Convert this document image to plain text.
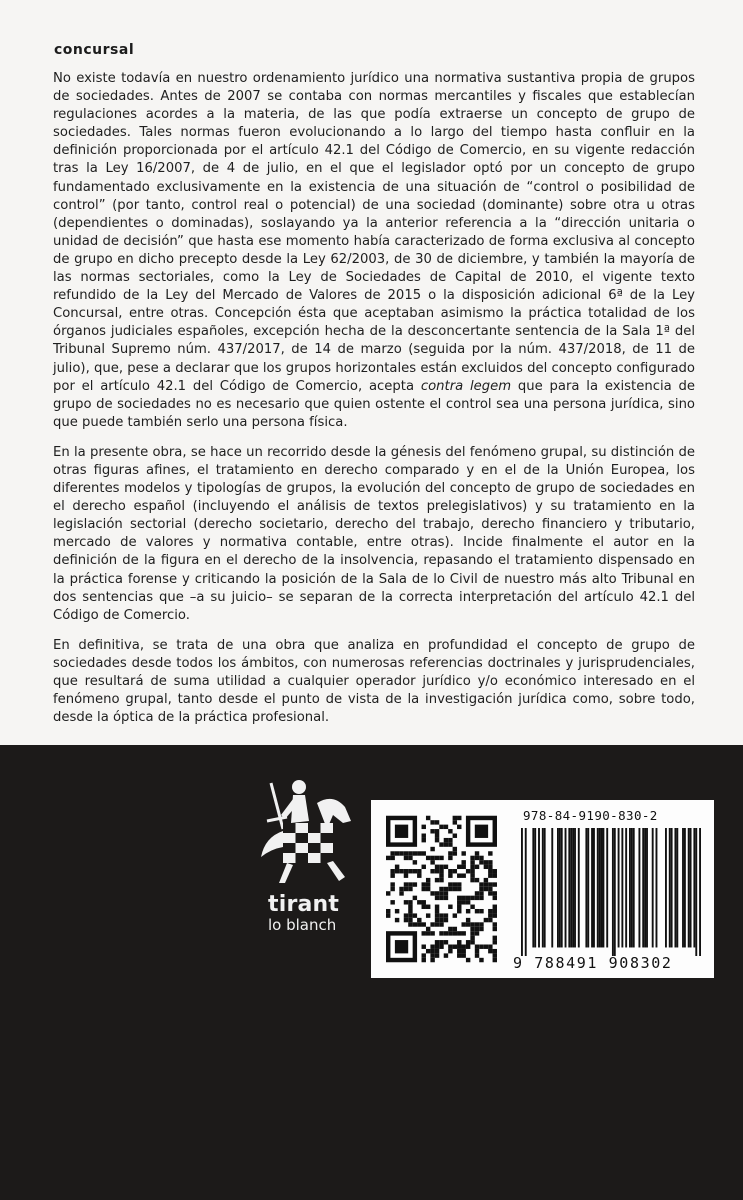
concursal

No existe todavía en nuestro ordenamiento jurídico una normativa sustantiva propia de grupos de sociedades. Antes de 2007 se contaba con normas mercantiles y fiscales que establecían regulaciones acordes a la materia, de las que podía extraerse un concepto de grupo de sociedades. Tales normas fueron evolucionando a lo largo del tiempo hasta confluir en la definición proporcionada por el artículo 42.1 del Código de Comercio, en su vigente redacción tras la Ley 16/2007, de 4 de julio, en el que el legislador optó por un concepto de grupo fundamentado exclusivamente en la existencia de una situación de “control o posibilidad de control” (por tanto, control real o potencial) de una sociedad (dominante) sobre otra u otras (dependientes o dominadas), soslayando ya la anterior referencia a la “dirección unitaria o unidad de decisión” que hasta ese momento había caracterizado de forma exclusiva al concepto de grupo en dicho precepto desde la Ley 62/2003, de 30 de diciembre, y también la mayoría de las normas sectoriales, como la Ley de Sociedades de Capital de 2010, el vigente texto refundido de la Ley del Mercado de Valores de 2015 o la disposición adicional 6ª de la Ley Concursal, entre otras. Concepción ésta que aceptaban asimismo la práctica totalidad de los órganos judiciales españoles, excepción hecha de la desconcertante sentencia de la Sala 1ª del Tribunal Supremo núm. 437/2017, de 14 de marzo (seguida por la núm. 437/2018, de 11 de julio), que, pese a declarar que los grupos horizontales están excluidos del concepto configurado por el artículo 42.1 del Código de Comercio, acepta contra legem que para la existencia de grupo de sociedades no es necesario que quien ostente el control sea una persona jurídica, sino que puede también serlo una persona física.

En la presente obra, se hace un recorrido desde la génesis del fenómeno grupal, su distinción de otras figuras afines, el tratamiento en derecho comparado y en el de la Unión Europea, los diferentes modelos y tipologías de grupos, la evolución del concepto de grupo de sociedades en el derecho español (incluyendo el análisis de textos prelegislativos) y su tratamiento en la legislación sectorial (derecho societario, derecho del trabajo, derecho financiero y tributario, mercado de valores y normativa contable, entre otras). Incide finalmente el autor en la definición de la figura en el derecho de la insolvencia, repasando el tratamiento dispensado en la práctica forense y criticando la posición de la Sala de lo Civil de nuestro más alto Tribunal en dos sentencias que –a su juicio– se separan de la correcta interpretación del artículo 42.1 del Código de Comercio.

En definitiva, se trata de una obra que analiza en profundidad el concepto de grupo de sociedades desde todos los ámbitos, con numerosas referencias doctrinales y jurisprudenciales, que resultará de suma utilidad a cualquier operador jurídico y/o económico interesado en el fenómeno grupal, tanto desde el punto de vista de la investigación jurídica como, sobre todo, desde la óptica de la práctica profesional.

tirant
lo blanch
978-84-9190-830-2
9 788491 908302
